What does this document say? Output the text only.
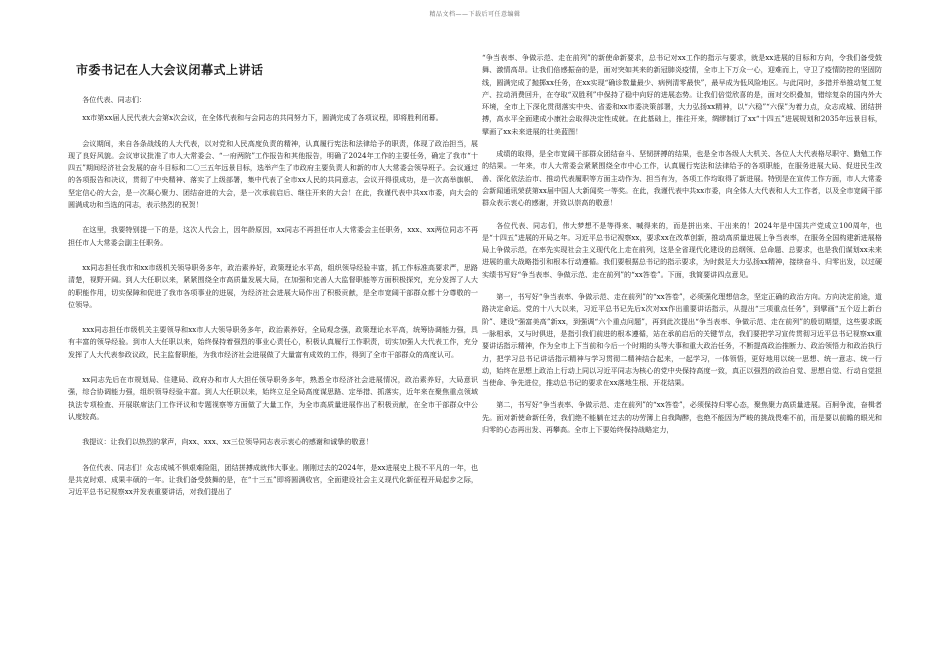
精品文档——下载后可任意编辑
市委书记在人大会议闭幕式上讲话

各位代表、同志们：

xx市第xx届人民代表大会第x次会议，在全体代表和与会同志的共同努力下，圆满完成了各项议程，即将胜利闭幕。

会议期间，来自各条战线的人大代表，以对党和人民高度负责的精神，认真履行宪法和法律给予的职责，体现了政治担当，展现了良好风貌。会议审议批准了市人大常委会、“一府两院”工作报告和其他报告，明确了2024年工作的主要任务，确定了我市“十四五”期间经济社会发展的奋斗目标和二〇三五年远景目标，选举产生了市政府主要负责人和新的市人大常委会领导班子。会议通过的各项报告和决议，贯彻了中央精神、落实了上级部署，集中代表了全市xx人民的共同意志，会议开得很成功，是一次高举旗帜、坚定信心的大会，是一次凝心聚力、团结奋进的大会，是一次承前启后、继往开来的大会！在此，我谨代表中共xx市委，向大会的圆满成功和当选的同志，表示热烈的祝贺！

在这里，我要特别提一下的是，这次人代会上，因年龄原因，xx同志不再担任市人大常委会主任职务，xxx、xx两位同志不再担任市人大常委会副主任职务。

xx同志担任我市和xx市级机关领导职务多年，政治素养好，政策理论水平高，组织领导经验丰富，抓工作标准高要求严，思路清楚，视野开阔。到人大任职以来，紧紧围绕全市高质量发展大局，在加强和完善人大监督职能等方面积极探究，充分发挥了人大的职能作用，切实保障和促进了我市各项事业的进展，为经济社会进展大局作出了积极贡献，是全市宽阔干部群众都十分尊敬的一位领导。

xxx同志担任市级机关主要领导和xx市人大领导职务多年，政治素养好，全局观念强，政策理论水平高，统筹协调能力强，具有丰富的领导经验。到市人大任职以来，始终保持着强烈的事业心责任心，积极认真履行工作职责，切实加强人大代表工作，充分发挥了人大代表参政议政，民主监督职能，为我市经济社会进展做了大量富有成效的工作，得到了全市干部群众的高度认可。

xx同志先后在市规划局、住建局、政府办和市人大担任领导职务多年，熟悉全市经济社会进展情况，政治素养好，大局意识强，综合协调能力强，组织领导经验丰富。到人大任职以来，始终立足全局高度谋思路、定举措、抓落实，近年来在聚焦重点领域执法专项检查、开展联席法门工作评议和专题视察等方面做了大量工作，为全市高质量进展作出了积极贡献，在全市干部群众中公认度较高。

我提议：让我们以热烈的掌声，向xx、xxx、xx三位领导同志表示衷心的感谢和诚挚的敬意！

各位代表、同志们！众志成城不惧艰难险阻，团结拼搏成就伟大事业。刚刚过去的2024年，是xx进展史上极不平凡的一年，也是共克时艰、成果丰硕的一年。让我们备受鼓舞的是，在“十三五”即将圆满收官，全面建设社会主义现代化新征程开局起步之际，习近平总书记视察xx并发表重要讲话，对我们提出了

“争当表率、争做示范、走在前列”的新使命新要求，总书记对xx工作的指示与要求，就是xx进展的目标和方向，令我们备受鼓舞、激情高昂。让我们倍感振奋的是，面对突如其来的新冠肺炎疫情，全市上下万众一心，迎难而上，守卫了疫情防控的坚固防线，圆满完成了抛掷xx任务，在xx实现“确诊数量最少、病例清零最快”，最早成为低风险地区。与此同时，多措并举推动复工复产、拉动消费回升，在夺取“双胜利”中保持了稳中向好的进展态势。让我们倍觉欣喜的是，面对交织叠加，错综复杂的国内外大环境，全市上下深化贯彻落实中央、省委和xx市委决策部署，大力弘扬xx精神，以“六稳”“六保”为着力点，众志成城、团结拼搏，高水平全面建成小康社会取得决定性成就。在此基础上，推往开来，绸缪制订了xx“十四五”进展规划和2035年远景目标，擘画了xx未来进展的壮美蓝图！

成绩的取得，是全市宽阔干部群众团结奋斗、坚韧拼搏的结果，也是全市各级人大机关、各位人大代表格尽职守、勤勉工作的结果。一年来，市人大常委会紧紧围绕全市中心工作，认真履行宪法和法律给予的各项职能，在服务进展大局、促进民生改善、深化依法治市、推动代表履职等方面主动作为、担当有为，各项工作均取得了新进展。特别是在宣传工作方面，市人大常委会新闻通讯荣获第xx届中国人大新闻奖一等奖。在此，我谨代表中共xx市委，向全体人大代表和人大工作者，以及全市宽阔干部群众表示衷心的感谢，并致以崇高的敬意！

各位代表、同志们，伟大梦想不是等得来、喊得来的，而是拼出来、干出来的！2024年是中国共产党成立100周年，也是“十四五”进展的开局之年。习近平总书记视察xx，要求xx在改革创新，推动高质量进展上争当表率，在服务全国构建新进展格局上争做示范，在率先实现社会主义现代化上走在前列，这是全省现代化建设的总纲领、总命题、总要求，也是我们谋划xx未来进展的重大战略指引和根本行动遵循。我们要根据总书记的指示要求，为时鼓足大力弘扬xx精神，接续奋斗、归零出发，以过硬实绩书写好“争当表率、争做示范、走在前列”的“xx答卷”。下面，我简要讲四点意见。

第一，书写好“争当表率、争做示范、走在前列”的“xx答卷”，必须强化理想信念，坚定正确的政治方向。方向决定前途，道路决定命运。党的十八大以来，习近平总书记先后x次对xx作出重要讲话指示，从提出“三项重点任务”，到擘画“五个迈上新台阶”、建设“强富美高”新xx，到强调“六个重点问题”，再到此次提出“争当表率、争做示范、走在前列”的殷切期望，这些要求既一脉相承，又与时俱进，是指引我们前进的根本遵循，站在承前启后的关键节点，我们要把学习宣传贯彻习近平总书记视察xx重要讲话指示精神，作为全市上下当前和今后一个时期的头等大事和重大政治任务，不断提高政治推断力、政治领悟力和政治执行力，把学习总书记讲话指示精神与学习贯彻二精神结合起来，一起学习，一体领悟，更好地用以统一思想、统一意志、统一行动，始终在思想上政治上行动上同以习近平同志为核心的党中央保持高度一致，真正以强烈的政治自觉、思想自觉、行动自觉担当使命、争先进位，推动总书记的要求在xx落地生根、开花结果。

第二，书写好“争当表率、争做示范、走在前列”的“xx答卷”，必须保持归零心态，聚焦聚力高质量进展。百舸争流，奋楫者先。面对新使命新任务，我们绝不能躺在过去的功劳簿上自我陶醉，也绝不能因为严峻的挑战畏难不前，而是要以前瞻的眼光和归零的心态再出发、再攀高。全市上下要始终保持战略定力，
